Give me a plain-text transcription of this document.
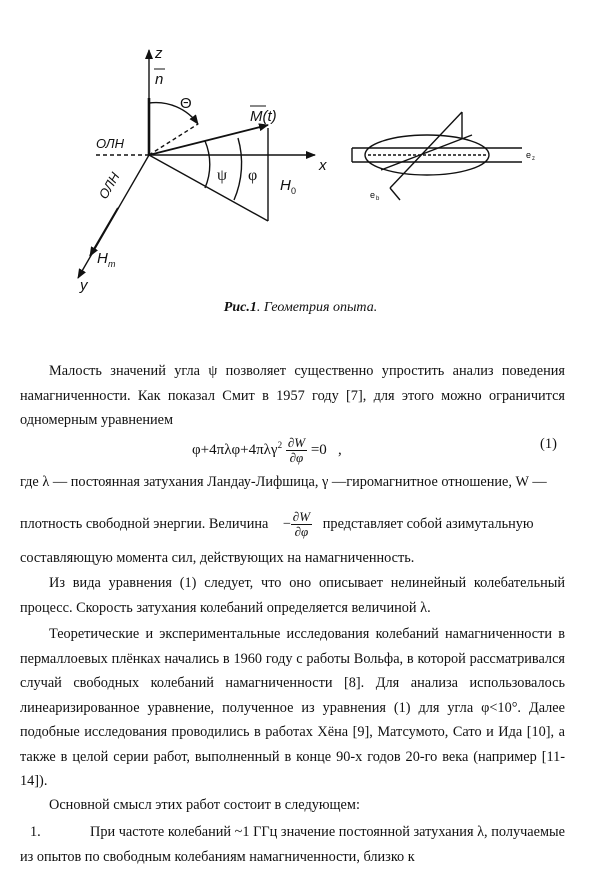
z
n
Θ
M(t)
ОЛН
ОЛН	ψ φ
H 0
x
H m
y
e z
e b
Рис.1. Геометрия опыта.
Малость значений угла ψ позволяет существенно упростить анализ поведения намагниченности. Как показал Смит в 1957 году [7], для этого можно ограничится одномерным уравнением
$\varphi+4\pi\lambda\varphi+4\pi\lambda\gamma^2 \frac{\partial W}{\partial\varphi} =0$   ,	(1)
где λ — постоянная затухания Ландау-Лифшица, γ —гиромагнитное отношение, W —
плотность свободной энергии. Величина − $\frac{\partial W}{\partial\varphi}$ представляет собой азимутальную
составляющую момента сил, действующих на намагниченность.
Из вида уравнения (1) следует, что оно описывает нелинейный колебательный процесс. Скорость затухания колебаний определяется величиной λ.
Теоретические и экспериментальные исследования колебаний намагниченности в пермаллоевых плёнках начались в 1960 году с работы Вольфа, в которой рассматривался случай свободных колебаний намагниченности [8]. Для анализа использовалось линеаризированное уравнение, полученное из уравнения (1) для угла φ<10°. Далее подобные исследования проводились в работах Хёна [9], Матсумото, Сато и Ида [10], а также в целой серии работ, выполненный в конце 90-х годов 20-го века (например [11-14]).
Основной смысл этих работ состоит в следующем:
1.	При частоте колебаний ~1 ГГц значение постоянной затухания λ, получаемые из опытов по свободным колебаниям намагниченности, близко к
